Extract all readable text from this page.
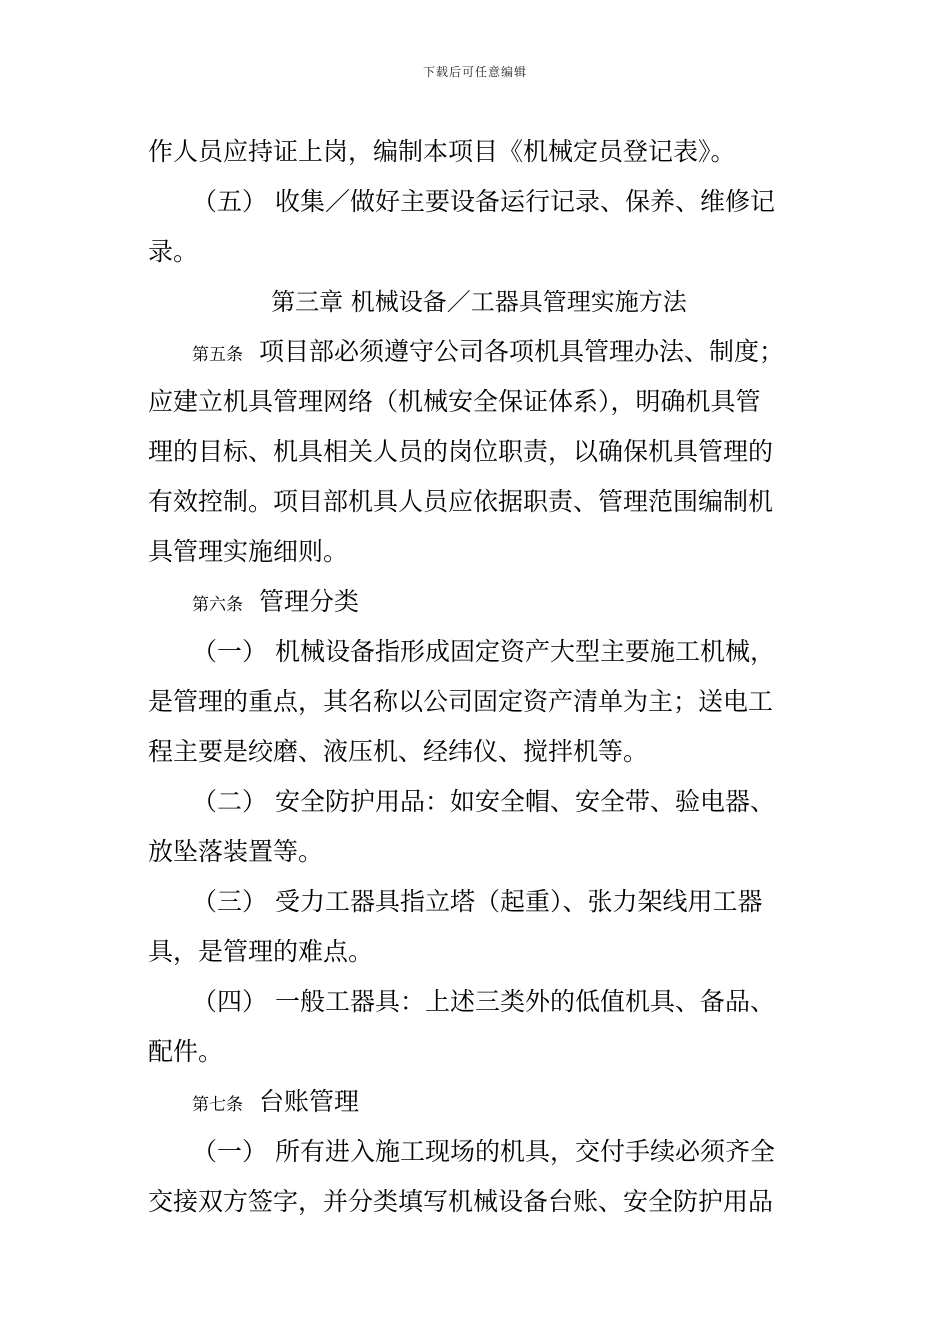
下载后可任意编辑
作人员应持证上岗，编制本项目《机械定员登记表》。
（五） 收集／做好主要设备运行记录、保养、维修记
录。
第三章 机械设备／工器具管理实施方法
第五条 项目部必须遵守公司各项机具管理办法、制度；
应建立机具管理网络（机械安全保证体系），明确机具管
理的目标、机具相关人员的岗位职责，以确保机具管理的
有效控制。项目部机具人员应依据职责、管理范围编制机
具管理实施细则。
第六条 管理分类
（一） 机械设备指形成固定资产大型主要施工机械，
是管理的重点，其名称以公司固定资产清单为主；送电工
程主要是绞磨、液压机、经纬仪、搅拌机等。
（二） 安全防护用品：如安全帽、安全带、验电器、
放坠落装置等。
（三） 受力工器具指立塔（起重）、张力架线用工器
具，是管理的难点。
（四） 一般工器具：上述三类外的低值机具、备品、
配件。
第七条 台账管理
（一） 所有进入施工现场的机具，交付手续必须齐全
交接双方签字，并分类填写机械设备台账、安全防护用品
